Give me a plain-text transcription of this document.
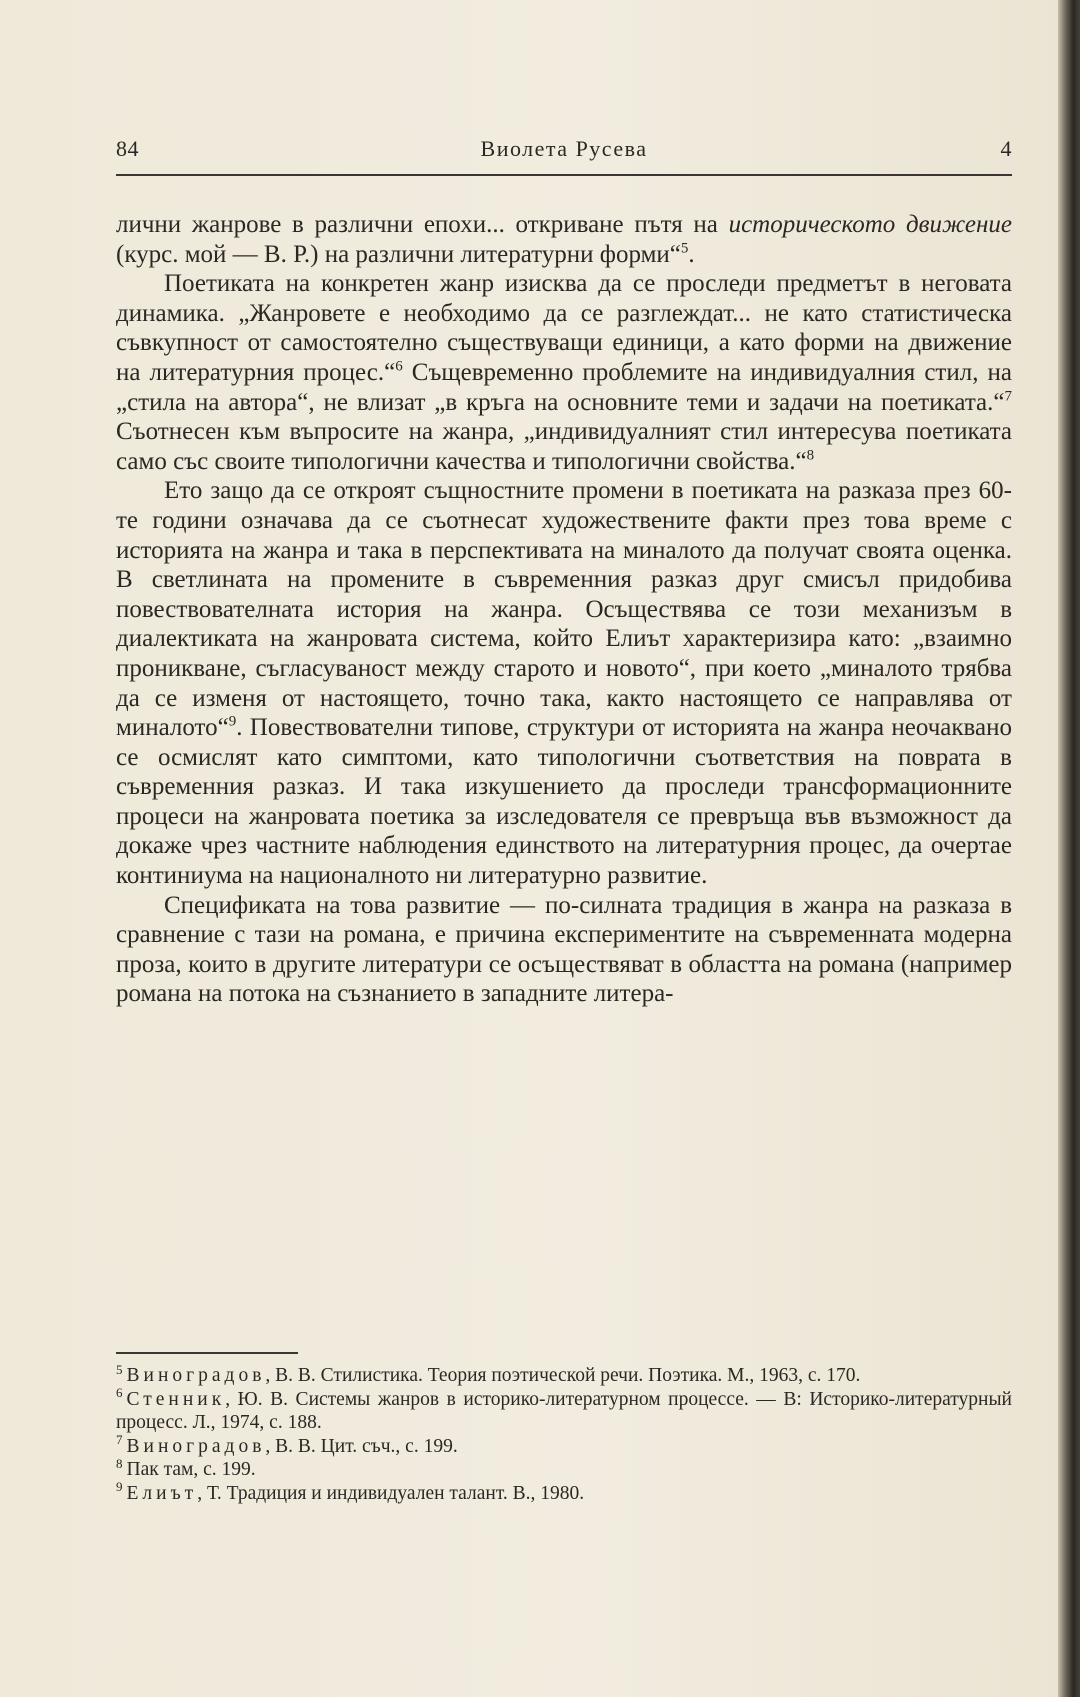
84	Виолета Русева	4

лични жанрове в различни епохи... откриване пътя на историческото движение (курс. мой — В. Р.) на различни литературни форми“$^5$.

Поетиката на конкретен жанр изисква да се проследи предметът в неговата динамика. „Жанровете е необходимо да се разглеждат... не като статистическа съвкупност от самостоятелно съществуващи единици, а като форми на движение на литературния процес.“$^6$ Същевременно проблемите на индивидуалния стил, на „стила на автора“, не влизат „в кръга на основните теми и задачи на поетиката.“$^7$ Съотнесен към въпросите на жанра, „индивидуалният стил интересува поетиката само със своите типологични качества и типологични свойства.“$^8$

Ето защо да се откроят същностните промени в поетиката на разказа през 60-те години означава да се съотнесат художествените факти през това време с историята на жанра и така в перспективата на миналото да получат своята оценка. В светлината на промените в съвременния разказ друг смисъл придобива повествователната история на жанра. Осъществява се този механизъм в диалектиката на жанровата система, който Елиът характеризира като: „взаимно проникване, съгласуваност между старото и новото“, при което „миналото трябва да се изменя от настоящето, точно така, както настоящето се направлява от миналото“$^9$. Повествователни типове, структури от историята на жанра неочаквано се осмислят като симптоми, като типологични съответствия на повратa в съвременния разказ. И така изкушението да проследи трансформационните процеси на жанровата поетика за изследователя се превръща във възможност да докаже чрез частните наблюдения единството на литературния процес, да очертае континиума на националното ни литературно развитие.

Спецификата на това развитие — по-силната традиция в жанра на разказа в сравнение с тази на романа, е причина експериментите на съвременната модерна проза, които в другите литератури се осъществяват в областта на романа (например романа на потока на съзнанието в западните литера-

$^5$ Виноградов, В. В. Стилистика. Теория поэтической речи. Поэтика. М., 1963, с. 170.

$^6$ Стенник, Ю. В. Системы жанров в историко-литературном процессе. — В: Историко-литературный процесс. Л., 1974, с. 188.

$^7$ Виноградов, В. В. Цит. съч., с. 199.

$^8$ Пак там, с. 199.

$^9$ Елиът, Т. Традиция и индивидуален талант. В., 1980.
